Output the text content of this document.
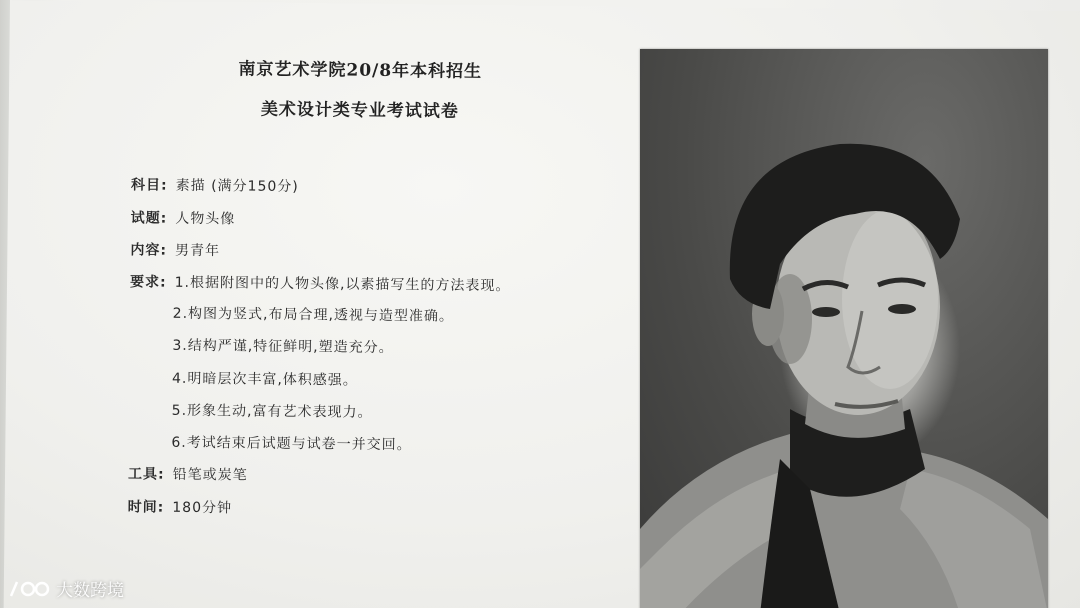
南京艺术学院20/8年本科招生
美术设计类专业考试试卷
科目: 素描 (满分150分)
试题: 人物头像
内容: 男青年
要求: 1.根据附图中的人物头像,以素描写生的方法表现。
2.构图为竖式,布局合理,透视与造型准确。
3.结构严谨,特征鲜明,塑造充分。
4.明暗层次丰富,体积感强。
5.形象生动,富有艺术表现力。
6.考试结束后试题与试卷一并交回。
工具: 铅笔或炭笔
时间: 180分钟
大数跨境
